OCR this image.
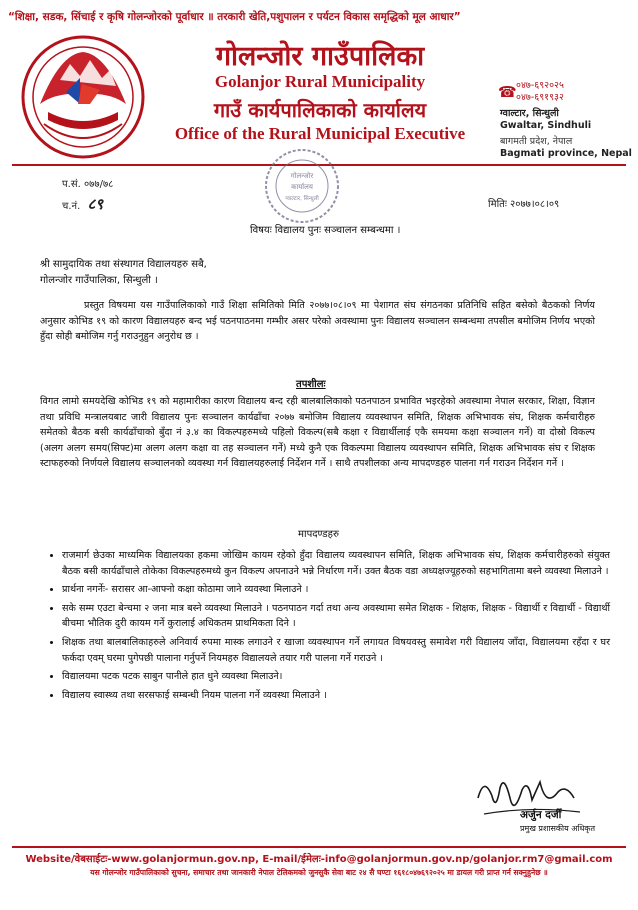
“शिक्षा, सडक, सिंचाई र कृषि गोलन्जोरको पूर्वाधार ॥ तरकारी खेति,पशुपालन र पर्यटन विकास समृद्धिको मूल आधार”
गोलन्जोर गाउँपालिका
Golanjor Rural Municipality
गाउँ कार्यपालिकाको कार्यालय
Office of the Rural Municipal Executive
☎ ०४७-६९२०२५
०४७-६९१९३२
ग्वाल्टार, सिन्धुली
Gwaltar, Sindhuli
बागमती प्रदेश, नेपाल
Bagmati province, Nepal
प.सं. ०७७/७८
च.नं. ८९	मितिः २०७७।०८।०९
गोलन्जोर
कार्यालय
ग्वाल्टार, सिन्धुली
विषयः विद्यालय पुनः सञ्चालन सम्बन्धमा ।
श्री सामुदायिक तथा संस्थागत विद्यालयहरु सबै,
गोलन्जोर गाउँपालिका, सिन्धुली ।
प्रस्तुत विषयमा यस गाउँपालिकाको गाउँ शिक्षा समितिको मिति २०७७।०८।०९ मा पेशागत संघ संगठनका प्रतिनिधि सहित बसेको बैठकको निर्णय अनुसार कोभिड १९ को कारण विद्यालयहरु बन्द भई पठनपाठनमा गम्भीर असर परेको अवस्थामा पुनः विद्यालय सञ्चालन सम्बन्धमा तपसील बमोजिम निर्णय भएको हुँदा सोही बमोजिम गर्नु गराउनुहुन अनुरोध छ ।
तपशीलः
विगत लामो समयदेखि कोभिड १९ को महामारीका कारण विद्यालय बन्द रही बालबालिकाको पठनपाठन प्रभावित भइरहेको अवस्थामा नेपाल सरकार, शिक्षा, विज्ञान तथा प्रविधि मन्त्रालयबाट जारी विद्यालय पुनः सञ्चालन कार्यढाँचा २०७७ बमोजिम विद्यालय व्यवस्थापन समिति, शिक्षक अभिभावक संघ, शिक्षक कर्मचारीहरु समेतको बैठक बसी कार्यढाँचाको बुँदा नं ३.४ का विकल्पहरुमध्ये पहिलो विकल्प(सबै कक्षा र विद्यार्थीलाई एकै समयमा कक्षा सञ्चालन गर्ने) वा दोस्रो विकल्प (अलग अलग समय(सिफ्ट)मा अलग अलग कक्षा वा तह सञ्चालन गर्ने) मध्ये कुनै एक विकल्पमा विद्यालय व्यवस्थापन समिति, शिक्षक अभिभावक संघ र शिक्षक स्टाफहरुको निर्णयले विद्यालय सञ्चालनको व्यवस्था गर्न विद्यालयहरुलाई निर्देशन गर्ने । साथै तपशीलका अन्य मापदण्डहरु पालना गर्न गराउन निर्देशन गर्ने ।
मापदण्डहरु
• राजमार्ग छेउका माध्यमिक विद्यालयका हकमा जोखिम कायम रहेको हुँदा विद्यालय व्यवस्थापन समिति, शिक्षक अभिभावक संघ, शिक्षक कर्मचारीहरुको संयुक्त बैठक बसी कार्यढाँचाले तोकेका विकल्पहरुमध्ये कुन विकल्प अपनाउने भन्ने निर्धारण गर्ने। उक्त बैठक वडा अध्यक्षज्यूहरुको सहभागितामा बस्ने व्यवस्था मिलाउने ।
• प्रार्थना नगर्नेः- सरासर आ-आफ्नो कक्षा कोठामा जाने व्यवस्था मिलाउने ।
• सके सम्म एउटा बेन्चमा २ जना मात्र बस्ने व्यवस्था मिलाउने । पठनपाठन गर्दा तथा अन्य अवस्थामा समेत शिक्षक - शिक्षक, शिक्षक - विद्यार्थी र विद्यार्थी - विद्यार्थी बीचमा भौतिक दुरी कायम गर्ने कुरालाई अधिकतम प्राथमिकता दिने ।
• शिक्षक तथा बालबालिकाहरुले अनिवार्य रुपमा मास्क लगाउने र खाजा व्यवस्थापन गर्ने लगायत विषयवस्तु समावेश गरी विद्यालय जाँदा, विद्यालयमा रहँदा र घर फर्कदा एवम् घरमा पुगेपछी पालाना गर्नुपर्ने नियमहरु विद्यालयले तयार गरी पालना गर्ने गराउने ।
• विद्यालयमा पटक पटक साबुन पानीले हात धुने व्यवस्था मिलाउने।
• विद्यालय स्वास्थ्य तथा सरसफाई सम्बन्धी नियम पालना गर्ने व्यवस्था मिलाउने ।
अर्जुन दर्जी
प्रमुख प्रशासकीय अधिकृत
Website/वेबसाईटः-www.golanjormun.gov.np, E-mail/ईमेलः-info@golanjormun.gov.np/golanjor.rm7@gmail.com
यस गोलन्जोर गाउँपालिकाको सुचना, समाचार तथा जानकारी नेपाल टेलिकमको जुनसुकै सेवा बाट २४ सै घण्टा १६१८०४७६९२०२५ मा डायल गरी प्राप्त गर्न सक्नुहुनेछ ॥
